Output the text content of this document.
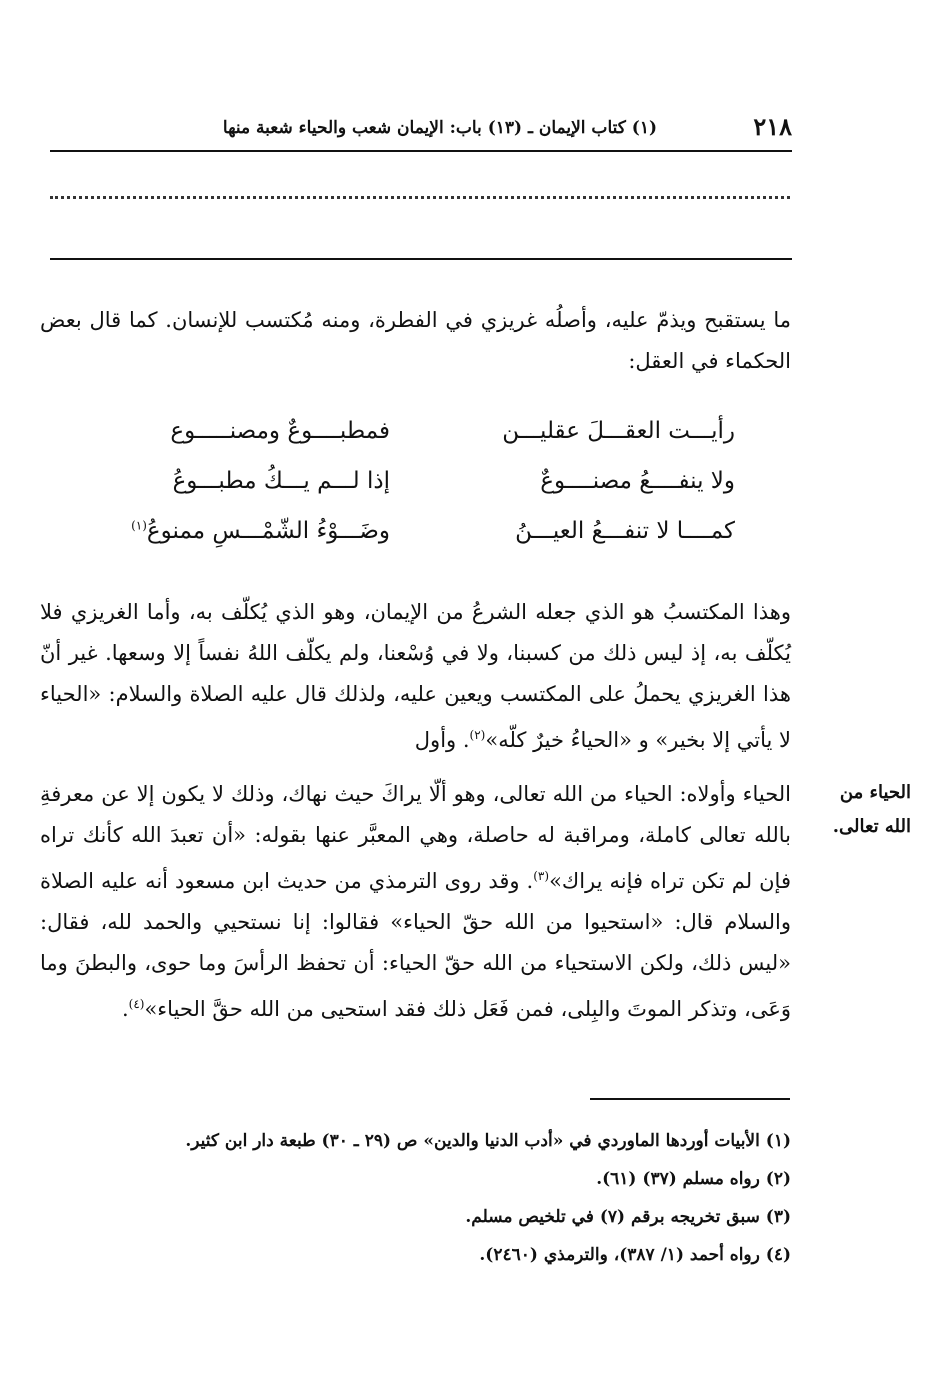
٢١٨
(١) كتاب الإيمان ـ (١٣) باب: الإيمان شعب والحياء شعبة منها
ما يستقبح ويذمّ عليه، وأصلُه غريزي في الفطرة، ومنه مُكتسب للإنسان. كما قال بعض الحكماء في العقل:
رأيـــت العقـــلَ عقليـــن
فمطبــــوعٌ ومصنـــــوع
ولا ينفــــعُ مصنــــوعٌ
إذا لـــم يـــكُ مطبـــوعُ
كمــــا لا تنفـــعُ العيـــنُ
وضَـــوْءُ الشّمْـــسِ ممنوعُ$^{(١)}$
وهذا المكتسبُ هو الذي جعله الشرعُ من الإيمان، وهو الذي يُكلّف به، وأما الغريزي فلا يُكلّف به، إذ ليس ذلك من كسبنا، ولا في وُسْعنا، ولم يكلّف اللهُ نفساً إلا وسعها. غير أنّ هذا الغريزي يحملُ على المكتسب ويعين عليه، ولذلك قال عليه الصلاة والسلام: «الحياء لا يأتي إلا بخير» و «الحياءُ خيرٌ كلّه»$^{(٢)}$. وأول
الحياء من الله تعالى.
الحياء وأولاه: الحياء من الله تعالى، وهو ألّا يراكَ حيث نهاك، وذلك لا يكون إلا عن معرفةِ بالله تعالى كاملة، ومراقبة له حاصلة، وهي المعبَّر عنها بقوله: «أن تعبدَ الله كأنك تراه فإن لم تكن تراه فإنه يراك»$^{(٣)}$. وقد روى الترمذي من حديث ابن مسعود أنه عليه الصلاة والسلام قال: «استحيوا من الله حقّ الحياء» فقالوا: إنا نستحيي والحمد لله، فقال: «ليس ذلك، ولكن الاستحياء من الله حقّ الحياء: أن تحفظ الرأسَ وما حوى، والبطنَ وما وَعَى، وتذكر الموتَ والبِلى، فمن فَعَل ذلك فقد استحيى من الله حقَّ الحياء»$^{(٤)}$.
(١) الأبيات أوردها الماوردي في «أدب الدنيا والدين» ص (٢٩ ـ ٣٠) طبعة دار ابن كثير.
(٢) رواه مسلم (٣٧) (٦١).
(٣) سبق تخريجه برقم (٧) في تلخيص مسلم.
(٤) رواه أحمد (١/ ٣٨٧)، والترمذي (٢٤٦٠).
